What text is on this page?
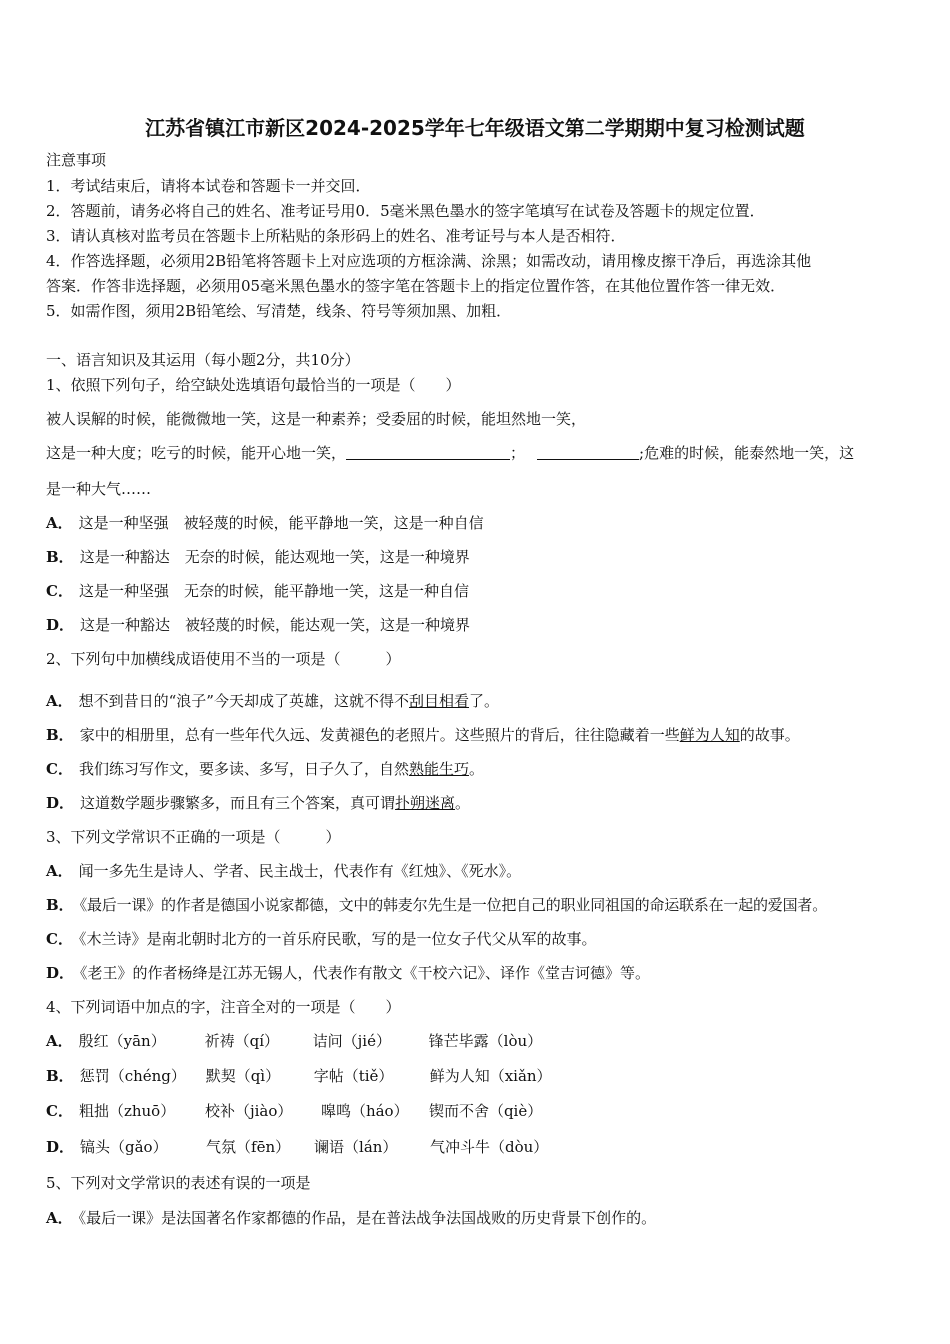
江苏省镇江市新区2024-2025学年七年级语文第二学期期中复习检测试题
注意事项
1．考试结束后，请将本试卷和答题卡一并交回．
2．答题前，请务必将自己的姓名、准考证号用0．5毫米黑色墨水的签字笔填写在试卷及答题卡的规定位置．
3．请认真核对监考员在答题卡上所粘贴的条形码上的姓名、准考证号与本人是否相符．
4．作答选择题，必须用2B铅笔将答题卡上对应选项的方框涂满、涂黑；如需改动，请用橡皮擦干净后，再选涂其他
答案．作答非选择题，必须用05毫米黑色墨水的签字笔在答题卡上的指定位置作答，在其他位置作答一律无效．
5．如需作图，须用2B铅笔绘、写清楚，线条、符号等须加黑、加粗．
一、语言知识及其运用（每小题2分，共10分）
1、依照下列句子，给空缺处选填语句最恰当的一项是（　　）
被人误解的时候，能微微地一笑，这是一种素养；受委屈的时候，能坦然地一笑，
这是一种大度；吃亏的时候，能开心地一笑，	；	;危难的时候，能泰然地一笑，这
是一种大气……
A． 这是一种坚强　被轻蔑的时候，能平静地一笑，这是一种自信
B． 这是一种豁达　无奈的时候，能达观地一笑，这是一种境界
C． 这是一种坚强　无奈的时候，能平静地一笑，这是一种自信
D． 这是一种豁达　被轻蔑的时候，能达观一笑，这是一种境界
2、下列句中加横线成语使用不当的一项是（　　　）
A． 想不到昔日的“浪子”今天却成了英雄，这就不得不刮目相看了。
B． 家中的相册里，总有一些年代久远、发黄褪色的老照片。这些照片的背后，往往隐藏着一些鲜为人知的故事。
C． 我们练习写作文，要多读、多写，日子久了，自然熟能生巧。
D． 这道数学题步骤繁多，而且有三个答案，真可谓扑朔迷离。
3、下列文学常识不正确的一项是（　　　）
A． 闻一多先生是诗人、学者、民主战士，代表作有《红烛》、《死水》。
B． 《最后一课》的作者是德国小说家都德，文中的韩麦尔先生是一位把自己的职业同祖国的命运联系在一起的爱国者。
C． 《木兰诗》是南北朝时北方的一首乐府民歌，写的是一位女子代父从军的故事。
D． 《老王》的作者杨绛是江苏无锡人，代表作有散文《干校六记》、译作《堂吉诃德》等。
4、下列词语中加点的字，注音全对的一项是（　　）
A． 殷红（yān）	祈祷（qí） 诘问（jié）	锋芒毕露（lòu）
B． 惩罚（chéng） 默契（qì） 字帖（tiě） 鲜为人知（xiǎn）
C． 粗拙（zhuō） 校补（jiào） 嗥鸣（háo） 锲而不舍（qiè）
D． 镐头（gǎo）	气氛（fēn） 谰语（lán） 气冲斗牛（dòu）
5、下列对文学常识的表述有误的一项是
A． 《最后一课》是法国著名作家都德的作品，是在普法战争法国战败的历史背景下创作的。
